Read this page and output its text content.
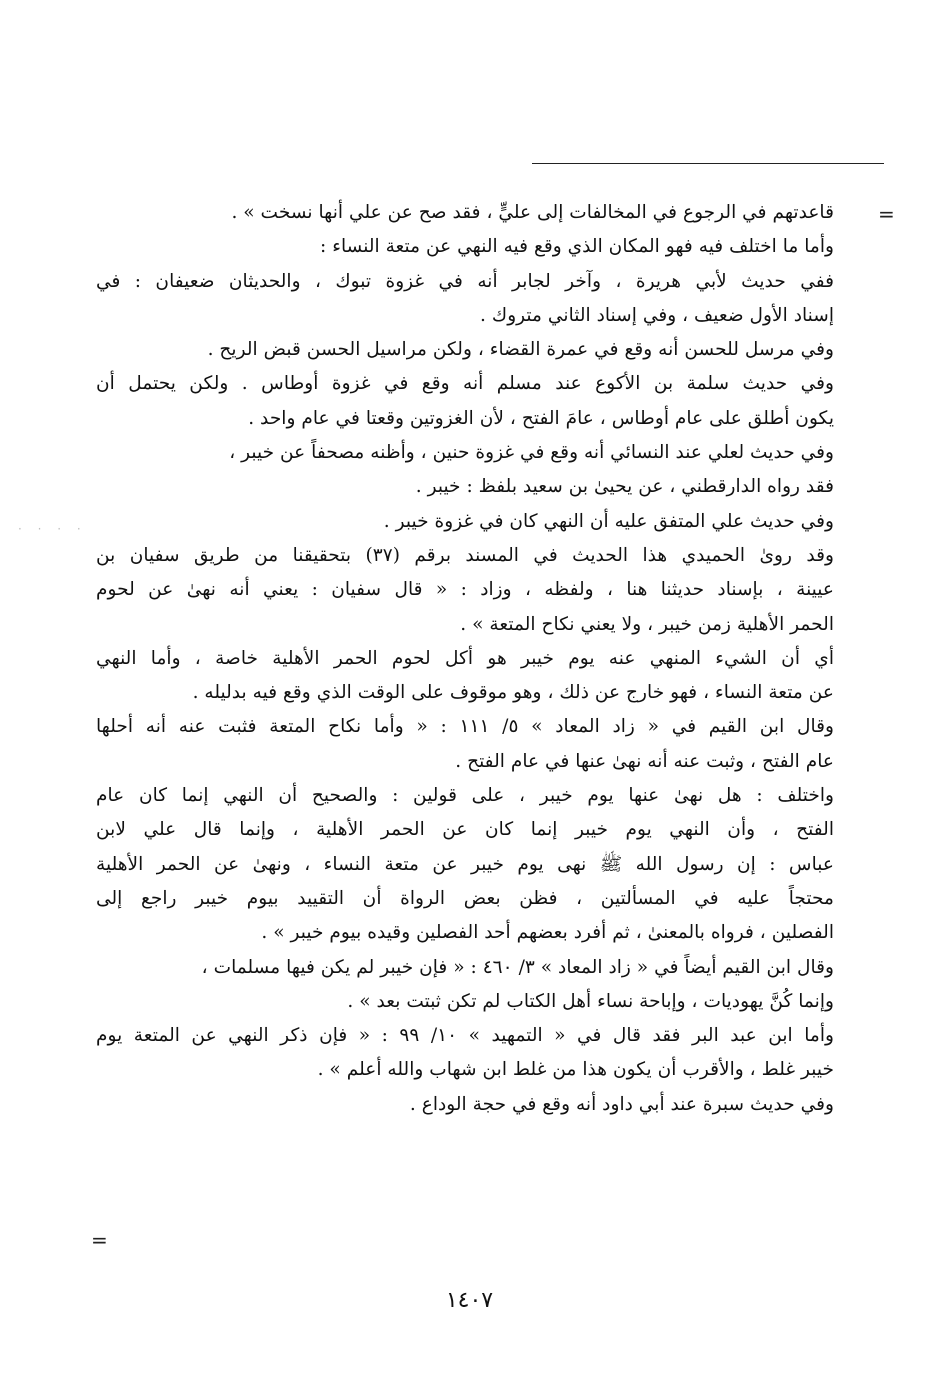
=
· · · ·
قاعدتهم في الرجوع في المخالفات إلى عليٍّ ، فقد صح عن علي أنها نسخت » .
وأما ما اختلف فيه فهو المكان الذي وقع فيه النهي عن متعة النساء :
ففي حديث لأبي هريرة ، وآخر لجابر أنه في غزوة تبوك ، والحديثان ضعيفان : في
إسناد الأول ضعيف ، وفي إسناد الثاني متروك .
وفي مرسل للحسن أنه وقع في عمرة القضاء ، ولكن مراسيل الحسن قبض الريح .
وفي حديث سلمة بن الأكوع عند مسلم أنه وقع في غزوة أوطاس . ولكن يحتمل أن
يكون أطلق على عام أوطاس ، عامَ الفتح ، لأن الغزوتين وقعتا في عام واحد .
وفي حديث لعلي عند النسائي أنه وقع في غزوة حنين ، وأظنه مصحفاً عن خيبر ،
فقد رواه الدارقطني ، عن يحيىٰ بن سعيد بلفظ : خيبر .
وفي حديث علي المتفق عليه أن النهي كان في غزوة خيبر .
وقد روىٰ الحميدي هذا الحديث في المسند برقم (٣٧) بتحقيقنا من طريق سفيان بن
عيينة ، بإسناد حديثنا هنا ، ولفظه ، وزاد : « قال سفيان : يعني أنه نهىٰ عن لحوم
الحمر الأهلية زمن خيبر ، ولا يعني نكاح المتعة » .
أي أن الشيء المنهي عنه يوم خيبر هو أكل لحوم الحمر الأهلية خاصة ، وأما النهي
عن متعة النساء ، فهو خارج عن ذلك ، وهو موقوف على الوقت الذي وقع فيه بدليله .
وقال ابن القيم في « زاد المعاد » ٥/ ١١١ : « وأما نكاح المتعة فثبت عنه أنه أحلها
عام الفتح ، وثبت عنه أنه نهىٰ عنها في عام الفتح .
واختلف : هل نهىٰ عنها يوم خيبر ، على قولين : والصحيح أن النهي إنما كان عام
الفتح ، وأن النهي يوم خيبر إنما كان عن الحمر الأهلية ، وإنما قال علي لابن
عباس : إن رسول الله ﷺ نهى يوم خيبر عن متعة النساء ، ونهىٰ عن الحمر الأهلية
محتجاً عليه في المسألتين ، فظن بعض الرواة أن التقييد بيوم خيبر راجع إلى
الفصلين ، فرواه بالمعنىٰ ، ثم أفرد بعضهم أحد الفصلين وقيده بيوم خيبر » .
وقال ابن القيم أيضاً في « زاد المعاد » ٣/ ٤٦٠ : « فإن خيبر لم يكن فيها مسلمات ،
وإنما كُنَّ يهوديات ، وإباحة نساء أهل الكتاب لم تكن ثبتت بعد » .
وأما ابن عبد البر فقد قال في « التمهيد » ١٠/ ٩٩ : « فإن ذكر النهي عن المتعة يوم
خيبر غلط ، والأقرب أن يكون هذا من غلط ابن شهاب والله أعلم » .
وفي حديث سبرة عند أبي داود أنه وقع في حجة الوداع .
=
١٤٠٧
